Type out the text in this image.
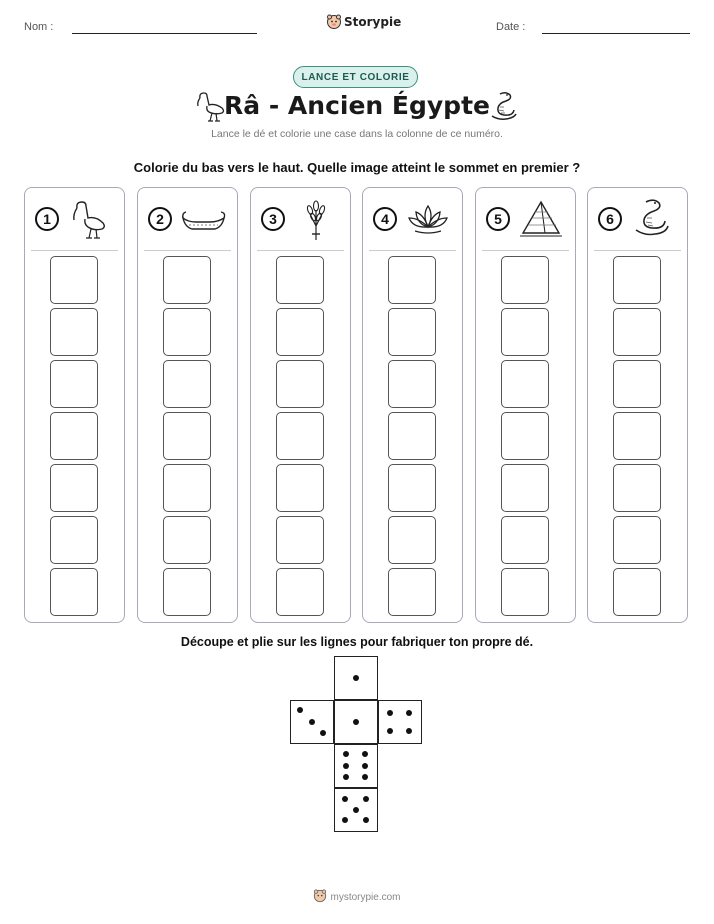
Nom :	Storypie	Date :
LANCE ET COLORIE
Râ - Ancien Égypte
Lance le dé et colorie une case dans la colonne de ce numéro.
Colorie du bas vers le haut. Quelle image atteint le sommet en premier ?
1	2	3	4	5	6
Découpe et plie sur les lignes pour fabriquer ton propre dé.
mystorypie.com
